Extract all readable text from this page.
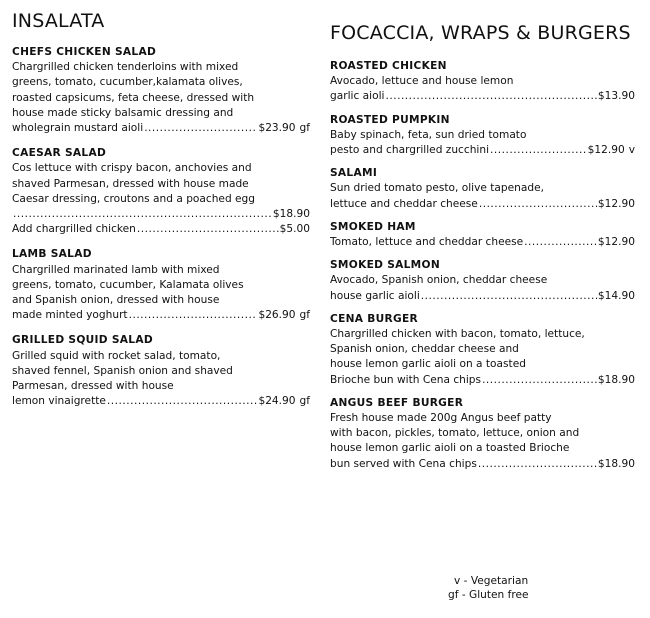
INSALATA
CHEFS CHICKEN SALAD
Chargrilled chicken tenderloins with mixed
greens, tomato, cucumber,kalamata olives,
roasted capsicums, feta cheese, dressed with
house made sticky balsamic dressing and
wholegrain mustard aioli .....	$23.90 gf
CAESAR SALAD
Cos lettuce with crispy bacon, anchovies and
shaved Parmesan, dressed with house made
Caesar dressing, croutons and a poached egg
.....
$18.90
Add chargrilled chicken .....	$5.00
LAMB SALAD
Chargrilled marinated lamb with mixed
greens, tomato, cucumber, Kalamata olives
and Spanish onion, dressed with house
made minted yoghurt .....	$26.90 gf
GRILLED SQUID SALAD
Grilled squid with rocket salad, tomato,
shaved fennel, Spanish onion and shaved
Parmesan, dressed with house
lemon vinaigrette .....	$24.90 gf
FOCACCIA, WRAPS & BURGERS
ROASTED CHICKEN
Avocado, lettuce and house lemon
garlic aioli .....	$13.90
ROASTED PUMPKIN
Baby spinach, feta, sun dried tomato
pesto and chargrilled zucchini .....	$12.90 v
SALAMI
Sun dried tomato pesto, olive tapenade,
lettuce and cheddar cheese .....	$12.90
SMOKED HAM
Tomato, lettuce and cheddar cheese .....	$12.90
SMOKED SALMON
Avocado, Spanish onion, cheddar cheese
house garlic aioli .....	$14.90
CENA BURGER
Chargrilled chicken with bacon, tomato, lettuce,
Spanish onion, cheddar cheese and
house lemon garlic aioli on a toasted
Brioche bun with Cena chips .....	$18.90
ANGUS BEEF BURGER
Fresh house made 200g Angus beef patty
with bacon, pickles, tomato, lettuce, onion and
house lemon garlic aioli on a toasted Brioche
bun served with Cena chips .....	$18.90
v - Vegetarian
gf - Gluten free
